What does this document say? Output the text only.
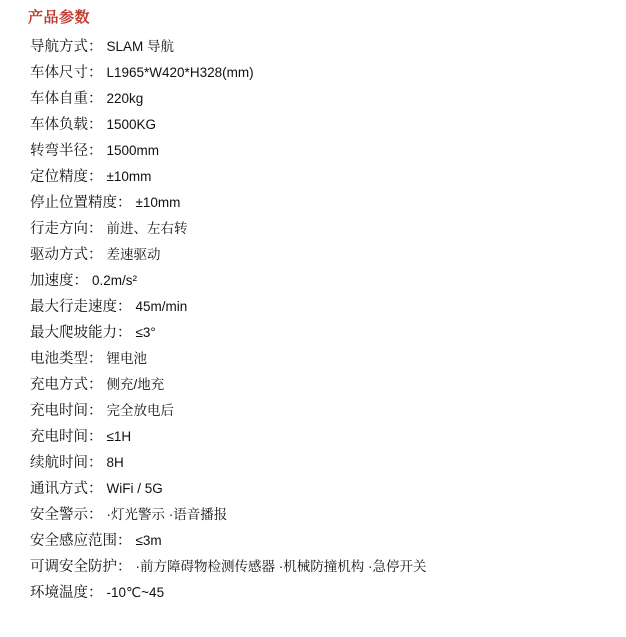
产品参数
导航方式： SLAM 导航
车体尺寸： L1965*W420*H328(mm)
车体自重： 220kg
车体负载： 1500KG
转弯半径： 1500mm
定位精度： ±10mm
停止位置精度： ±10mm
行走方向： 前进、左右转
驱动方式： 差速驱动
加速度： 0.2m/s²
最大行走速度： 45m/min
最大爬坡能力： ≤3°
电池类型： 锂电池
充电方式： 侧充/地充
充电时间： 完全放电后
充电时间： ≤1H
续航时间： 8H
通讯方式： WiFi / 5G
安全警示： ·灯光警示 ·语音播报
安全感应范围： ≤3m
可调安全防护： ·前方障碍物检测传感器 ·机械防撞机构 ·急停开关
环境温度： -10℃~45
